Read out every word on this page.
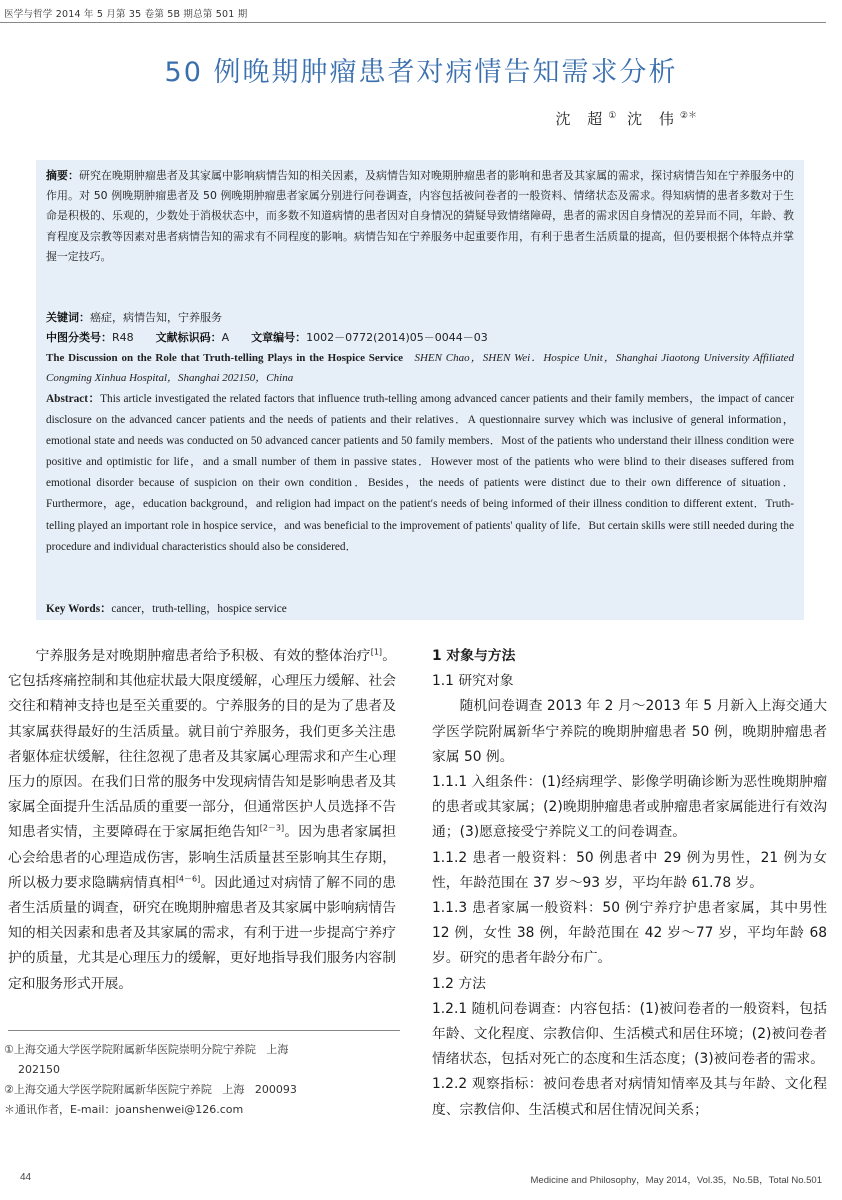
医学与哲学 2014 年 5 月第 35 卷第 5B 期总第 501 期
50 例晚期肿瘤患者对病情告知需求分析
沈 超① 沈 伟②＊
摘要：研究在晚期肿瘤患者及其家属中影响病情告知的相关因素，及病情告知对晚期肿瘤患者的影响和患者及其家属的需求，探讨病情告知在宁养服务中的作用。对 50 例晚期肿瘤患者及 50 例晚期肿瘤患者家属分别进行问卷调查，内容包括被问卷者的一般资料、情绪状态及需求。得知病情的患者多数对于生命是积极的、乐观的，少数处于消极状态中，而多数不知道病情的患者因对自身情况的猜疑导致情绪障碍，患者的需求因自身情况的差异而不同，年龄、教育程度及宗教等因素对患者病情告知的需求有不同程度的影响。病情告知在宁养服务中起重要作用，有利于患者生活质量的提高，但仍要根据个体特点并掌握一定技巧。
关键词：癌症，病情告知，宁养服务
中图分类号：R48 文献标识码：A 文章编号：1002－0772(2014)05－0044－03
The Discussion on the Role that Truth-telling Plays in the Hospice Service SHEN Chao，SHEN Wei．Hospice Unit，Shanghai Jiaotong University Affiliated Congming Xinhua Hospital，Shanghai 202150，China
Abstract：This article investigated the related factors that influence truth-telling among advanced cancer patients and their family members，the impact of cancer disclosure on the advanced cancer patients and the needs of patients and their relatives．A questionnaire survey which was inclusive of general information，emotional state and needs was conducted on 50 advanced cancer patients and 50 family members．Most of the patients who understand their illness condition were positive and optimistic for life，and a small number of them in passive states．However most of the patients who were blind to their diseases suffered from emotional disorder because of suspicion on their own condition．Besides，the needs of patients were distinct due to their own difference of situation．Furthermore，age，education background，and religion had impact on the patient′s needs of being informed of their illness condition to different extent．Truth-telling played an important role in hospice service，and was beneficial to the improvement of patients' quality of life．But certain skills were still needed during the procedure and individual characteristics should also be considered．
Key Words：cancer，truth-telling，hospice service

宁养服务是对晚期肿瘤患者给予积极、有效的整体治疗[1]。它包括疼痛控制和其他症状最大限度缓解，心理压力缓解、社会交往和精神支持也是至关重要的。宁养服务的目的是为了患者及其家属获得最好的生活质量。就目前宁养服务，我们更多关注患者躯体症状缓解，往往忽视了患者及其家属心理需求和产生心理压力的原因。在我们日常的服务中发现病情告知是影响患者及其家属全面提升生活品质的重要一部分，但通常医护人员选择不告知患者实情，主要障碍在于家属拒绝告知[2－3]。因为患者家属担心会给患者的心理造成伤害，影响生活质量甚至影响其生存期，所以极力要求隐瞒病情真相[4－6]。因此通过对病情了解不同的患者生活质量的调查，研究在晚期肿瘤患者及其家属中影响病情告知的相关因素和患者及其家属的需求，有利于进一步提高宁养疗护的质量，尤其是心理压力的缓解，更好地指导我们服务内容制定和服务形式开展。

①上海交通大学医学院附属新华医院崇明分院宁养院   上海
202150
②上海交通大学医学院附属新华医院宁养院   上海   200093
＊通讯作者，E-mail：joanshenwei@126.com

1 对象与方法

1.1 研究对象

随机问卷调查 2013 年 2 月～2013 年 5 月新入上海交通大学医学院附属新华宁养院的晚期肿瘤患者 50 例，晚期肿瘤患者家属 50 例。

1.1.1 入组条件：(1)经病理学、影像学明确诊断为恶性晚期肿瘤的患者或其家属；(2)晚期肿瘤患者或肿瘤患者家属能进行有效沟通；(3)愿意接受宁养院义工的问卷调查。

1.1.2 患者一般资料：50 例患者中 29 例为男性，21 例为女性，年龄范围在 37 岁～93 岁，平均年龄 61.78 岁。

1.1.3 患者家属一般资料：50 例宁养疗护患者家属，其中男性 12 例，女性 38 例，年龄范围在 42 岁～77 岁，平均年龄 68 岁。研究的患者年龄分布广。

1.2 方法

1.2.1 随机问卷调查：内容包括：(1)被问卷者的一般资料，包括年龄、文化程度、宗教信仰、生活模式和居住环境；(2)被问卷者情绪状态，包括对死亡的态度和生活态度；(3)被问卷者的需求。

1.2.2 观察指标：被问卷患者对病情知情率及其与年龄、文化程度、宗教信仰、生活模式和居住情况间关系；

44	Medicine and Philosophy，May 2014，Vol.35，No.5B，Total No.501
